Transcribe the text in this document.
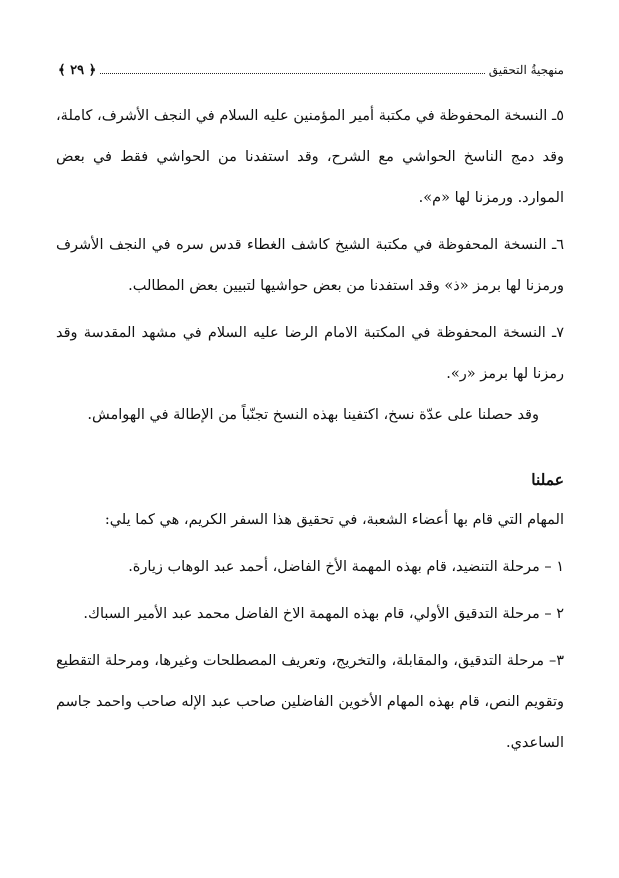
منهجيةُ التحقيق
﴿ ٢٩ ﴾

٥ـ النسخة المحفوظة في مكتبة أمير المؤمنين عليه السلام في النجف الأشرف، كاملة، وقد دمج الناسخ الحواشي مع الشرح، وقد استفدنا من الحواشي فقط في بعض الموارد. ورمزنا لها «م».

٦ـ النسخة المحفوظة في مكتبة الشيخ كاشف الغطاء قدس سره في النجف الأشرف ورمزنا لها برمز «ذ» وقد استفدنا من بعض حواشيها لتبيين بعض المطالب.

٧ـ النسخة المحفوظة في المكتبة الامام الرضا عليه السلام في مشهد المقدسة وقد رمزنا لها برمز «ر».

وقد حصلنا على عدّة نسخ، اكتفينا بهذه النسخ تجنّباً من الإطالة في الهوامش.

عملنا

المهام التي قام بها أعضاء الشعبة، في تحقيق هذا السفر الكريم، هي كما يلي:

١ – مرحلة التنضيد، قام بهذه المهمة الأخ الفاضل، أحمد عبد الوهاب زيارة.

٢ – مرحلة التدقيق الأولي، قام بهذه المهمة الاخ الفاضل محمد عبد الأمير السباك.

٣– مرحلة التدقيق، والمقابلة، والتخريج، وتعريف المصطلحات وغيرها، ومرحلة التقطيع وتقويم النص، قام بهذه المهام الأخوين الفاضلين صاحب عبد الإله صاحب واحمد جاسم الساعدي.
